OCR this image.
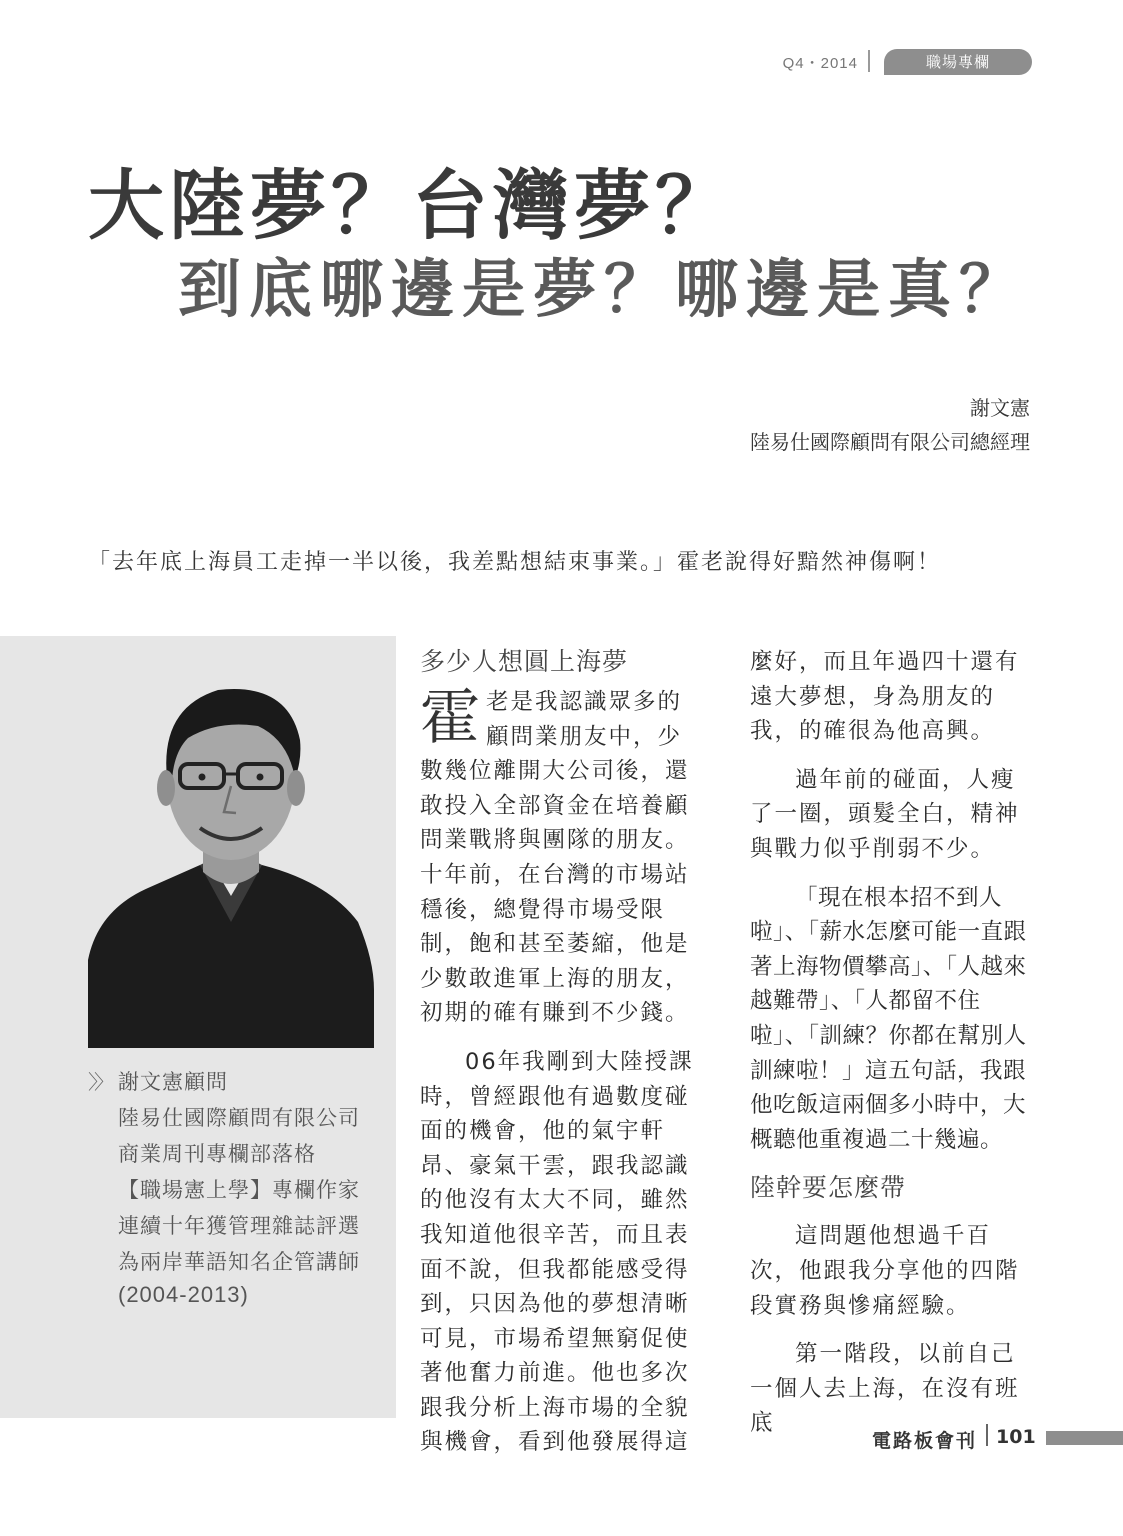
Q4・2014	職場專欄
大陸夢？台灣夢？
到底哪邊是夢？哪邊是真？
謝文憲
陸易仕國際顧問有限公司總經理
「去年底上海員工走掉一半以後，我差點想結束事業。」霍老說得好黯然神傷啊！
〉〉 謝文憲顧問
陸易仕國際顧問有限公司
商業周刊專欄部落格
【職場憲上學】專欄作家
連續十年獲管理雜誌評選
為兩岸華語知名企管講師
(2004-2013)
多少人想圓上海夢

霍老是我認識眾多的顧問業朋友中，少數幾位離開大公司後，還敢投入全部資金在培養顧問業戰將與團隊的朋友。十年前，在台灣的市場站穩後，總覺得市場受限制，飽和甚至萎縮，他是少數敢進軍上海的朋友，初期的確有賺到不少錢。

06年我剛到大陸授課時，曾經跟他有過數度碰面的機會，他的氣宇軒昂、豪氣干雲，跟我認識的他沒有太大不同，雖然我知道他很辛苦，而且表面不說，但我都能感受得到，只因為他的夢想清晰可見，市場希望無窮促使著他奮力前進。他也多次跟我分析上海市場的全貌與機會，看到他發展得這

麼好，而且年過四十還有遠大夢想，身為朋友的我，的確很為他高興。

過年前的碰面，人瘦了一圈，頭髮全白，精神與戰力似乎削弱不少。

「現在根本招不到人啦」、「薪水怎麼可能一直跟著上海物價攀高」、「人越來越難帶」、「人都留不住啦」、「訓練？你都在幫別人訓練啦！」這五句話，我跟他吃飯這兩個多小時中，大概聽他重複過二十幾遍。

陸幹要怎麼帶

這問題他想過千百次，他跟我分享他的四階段實務與慘痛經驗。

第一階段，以前自己一個人去上海，在沒有班底

電路板會刊 101
